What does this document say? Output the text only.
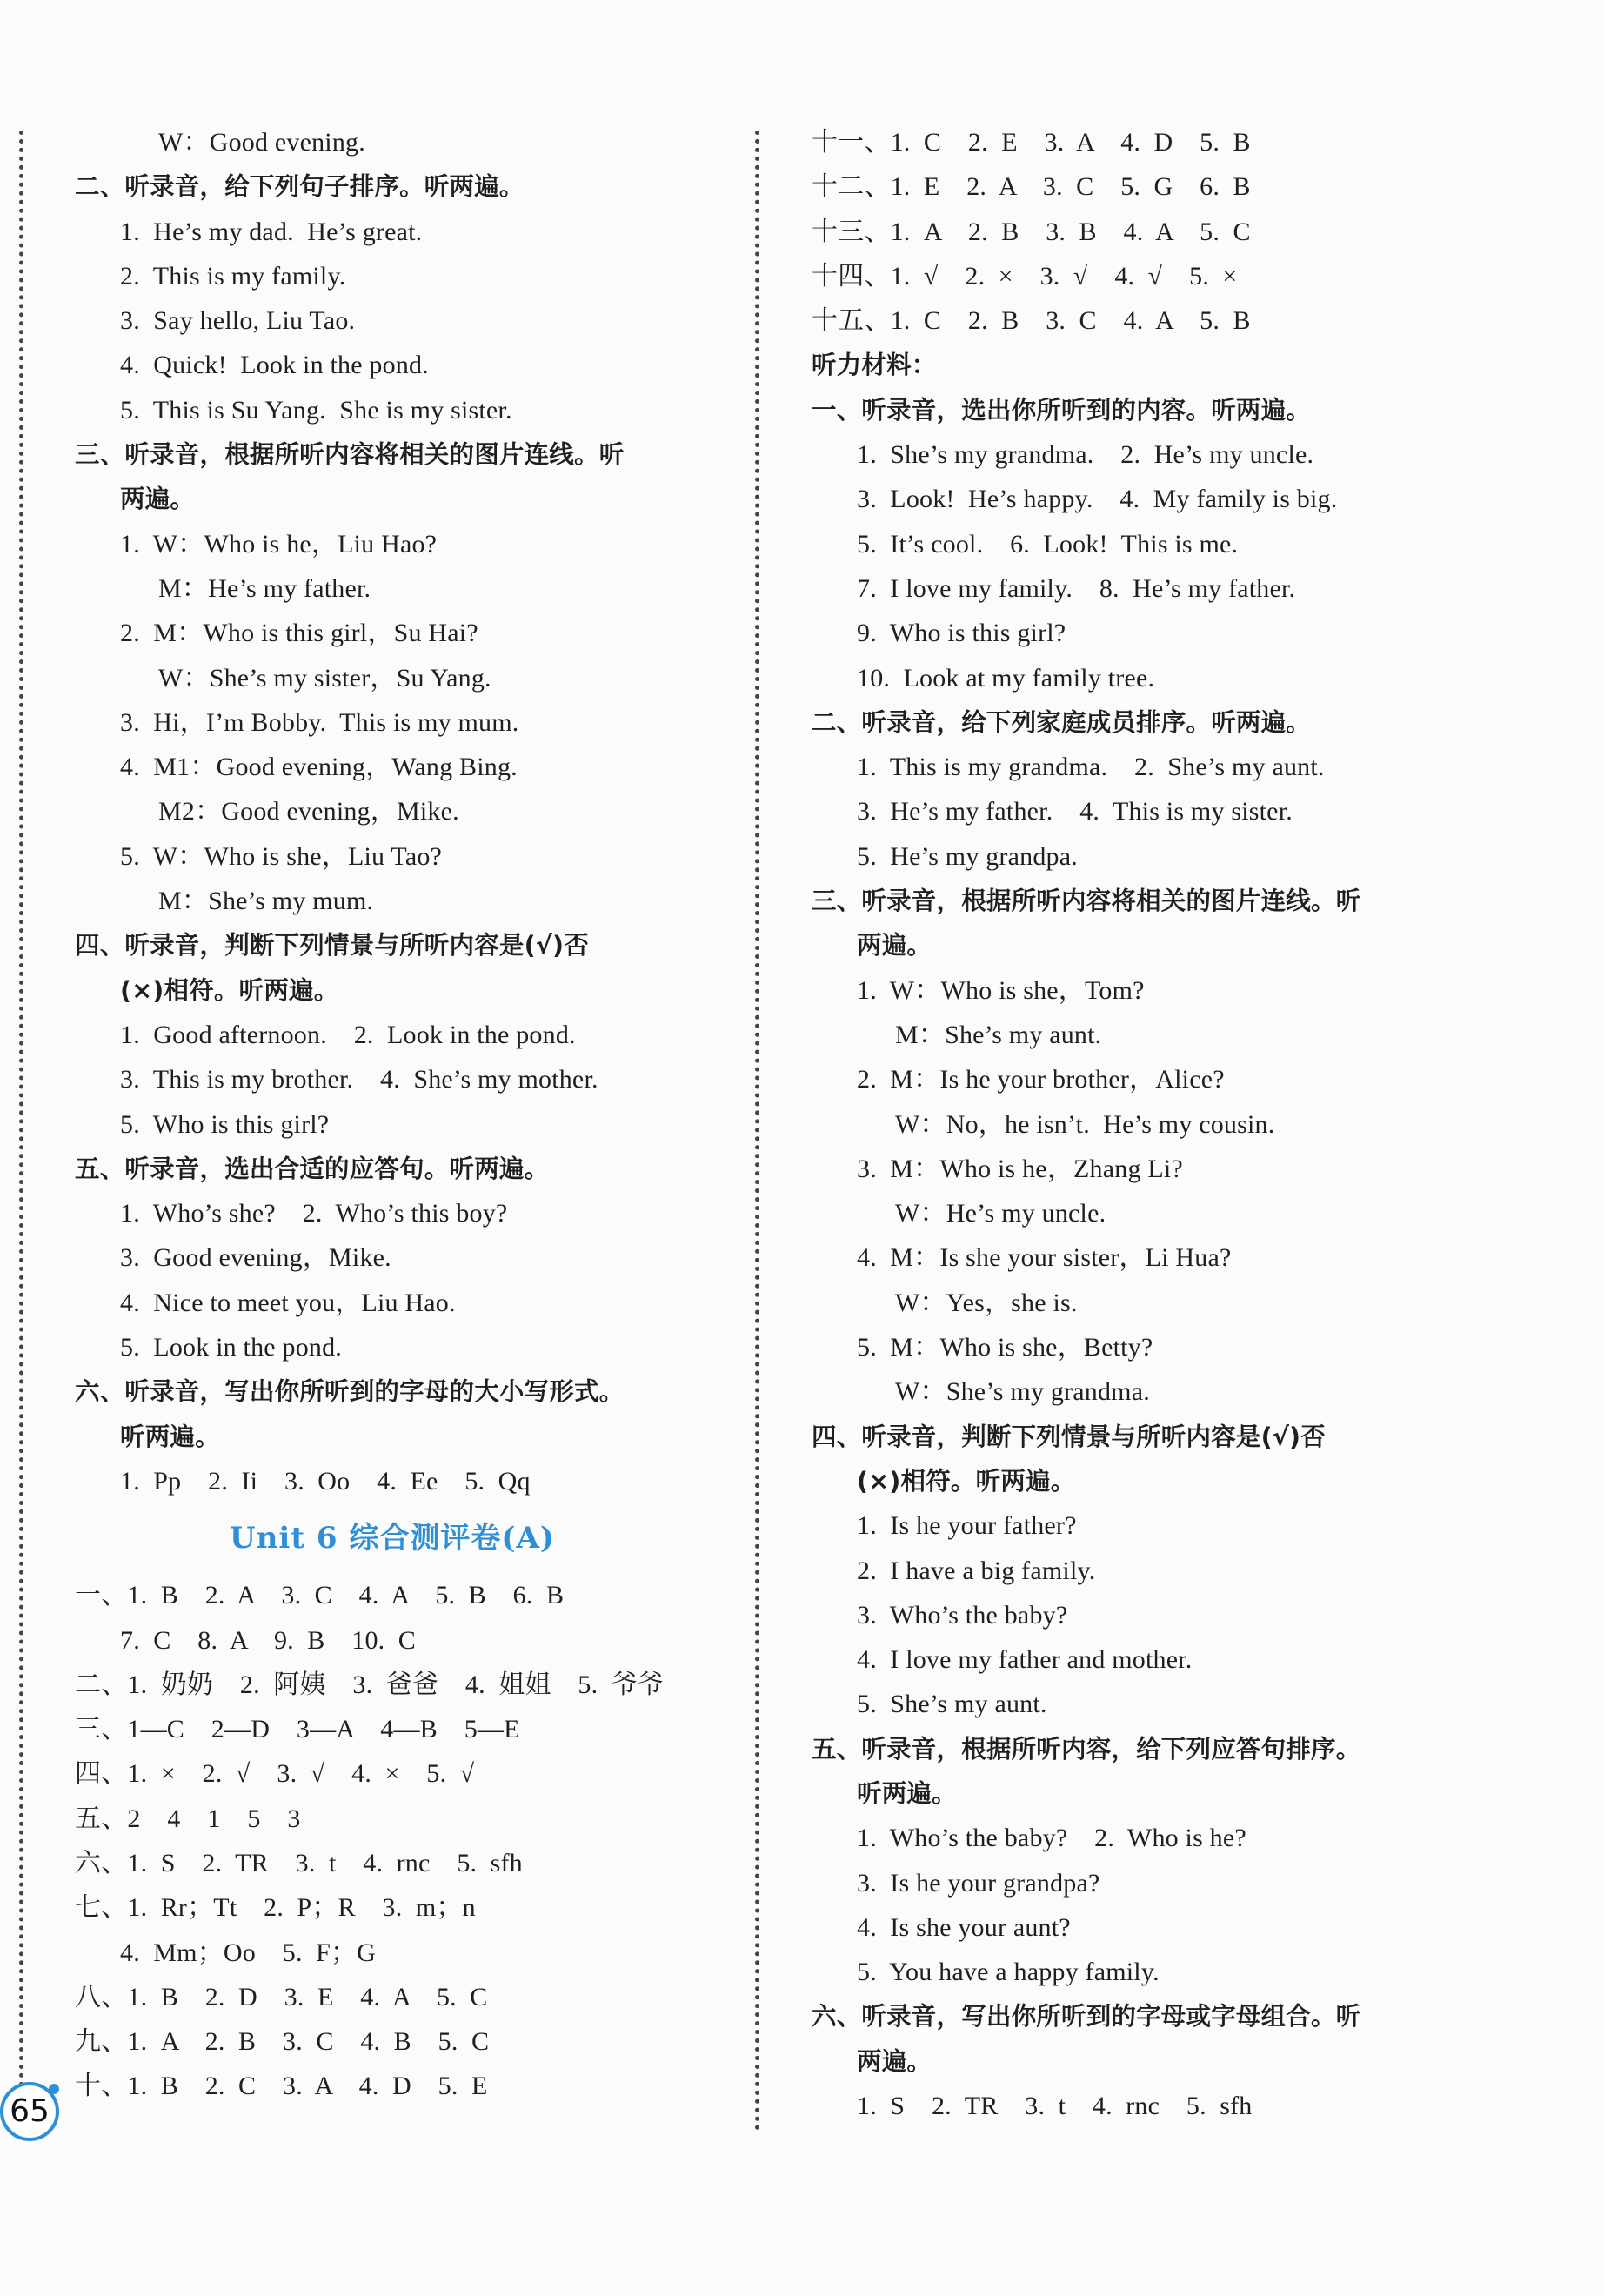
W：Good evening.
二、听录音，给下列句子排序。听两遍。
1.  He’s my dad.  He’s great.
2.  This is my family.
3.  Say hello, Liu Tao.
4.  Quick!  Look in the pond.
5.  This is Su Yang.  She is my sister.
三、听录音，根据所听内容将相关的图片连线。听
两遍。
1.  W：Who is he，Liu Hao?
M：He’s my father.
2.  M：Who is this girl，Su Hai?
W：She’s my sister，Su Yang.
3.  Hi，I’m Bobby.  This is my mum.
4.  M1：Good evening，Wang Bing.
M2：Good evening，Mike.
5.  W：Who is she，Liu Tao?
M：She’s my mum.
四、听录音，判断下列情景与所听内容是(√)否
(×)相符。听两遍。
1.  Good afternoon.    2.  Look in the pond.
3.  This is my brother.    4.  She’s my mother.
5.  Who is this girl?
五、听录音，选出合适的应答句。听两遍。
1.  Who’s she?    2.  Who’s this boy?
3.  Good evening，Mike.
4.  Nice to meet you，Liu Hao.
5.  Look in the pond.
六、听录音，写出你所听到的字母的大小写形式。
听两遍。
1.  Pp    2.  Ii    3.  Oo    4.  Ee    5.  Qq
Unit 6 综合测评卷(A)
一、1.  B    2.  A    3.  C    4.  A    5.  B    6.  B
7.  C    8.  A    9.  B    10.  C
二、1.  奶奶    2.  阿姨    3.  爸爸    4.  姐姐    5.  爷爷
三、1—C    2—D    3—A    4—B    5—E
四、1.  ×    2.  √    3.  √    4.  ×    5.  √
五、2    4    1    5    3
六、1.  S    2.  TR    3.  t    4.  rnc    5.  sfh
七、1.  Rr；Tt    2.  P；R    3.  m；n
4.  Mm；Oo    5.  F；G
八、1.  B    2.  D    3.  E    4.  A    5.  C
九、1.  A    2.  B    3.  C    4.  B    5.  C
十、1.  B    2.  C    3.  A    4.  D    5.  E
十一、1.  C    2.  E    3.  A    4.  D    5.  B
十二、1.  E    2.  A    3.  C    5.  G    6.  B
十三、1.  A    2.  B    3.  B    4.  A    5.  C
十四、1.  √    2.  ×    3.  √    4.  √    5.  ×
十五、1.  C    2.  B    3.  C    4.  A    5.  B
听力材料：
一、听录音，选出你所听到的内容。听两遍。
1.  She’s my grandma.    2.  He’s my uncle.
3.  Look!  He’s happy.    4.  My family is big.
5.  It’s cool.    6.  Look!  This is me.
7.  I love my family.    8.  He’s my father.
9.  Who is this girl?
10.  Look at my family tree.
二、听录音，给下列家庭成员排序。听两遍。
1.  This is my grandma.    2.  She’s my aunt.
3.  He’s my father.    4.  This is my sister.
5.  He’s my grandpa.
三、听录音，根据所听内容将相关的图片连线。听
两遍。
1.  W：Who is she，Tom?
M：She’s my aunt.
2.  M：Is he your brother，Alice?
W：No，he isn’t.  He’s my cousin.
3.  M：Who is he，Zhang Li?
W：He’s my uncle.
4.  M：Is she your sister，Li Hua?
W：Yes，she is.
5.  M：Who is she，Betty?
W：She’s my grandma.
四、听录音，判断下列情景与所听内容是(√)否
(×)相符。听两遍。
1.  Is he your father?
2.  I have a big family.
3.  Who’s the baby?
4.  I love my father and mother.
5.  She’s my aunt.
五、听录音，根据所听内容，给下列应答句排序。
听两遍。
1.  Who’s the baby?    2.  Who is he?
3.  Is he your grandpa?
4.  Is she your aunt?
5.  You have a happy family.
六、听录音，写出你所听到的字母或字母组合。听
两遍。
1.  S    2.  TR    3.  t    4.  rnc    5.  sfh
65
